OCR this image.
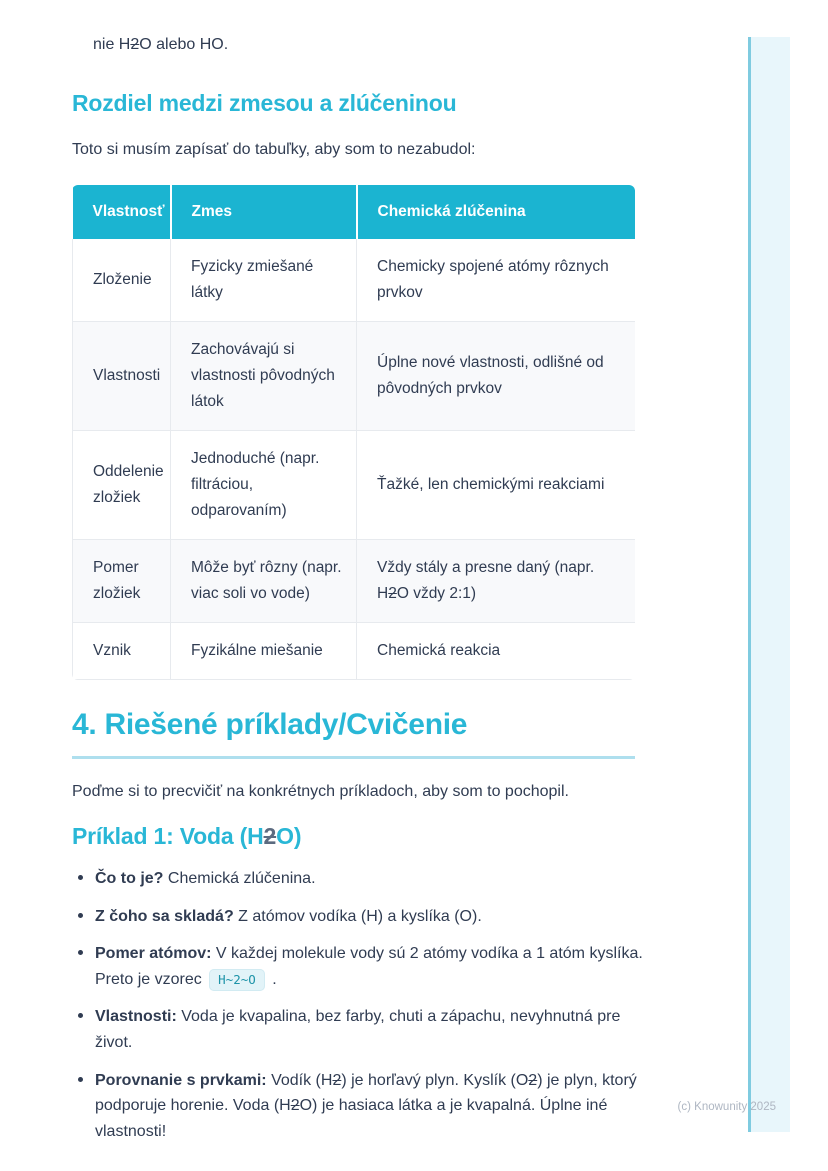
nie H2O alebo HO.

Rozdiel medzi zmesou a zlúčeninou

Toto si musím zapísať do tabuľky, aby som to nezabudol:

Vlastnosť	Zmes	Chemická zlúčenina
Zloženie	Fyzicky zmiešané látky	Chemicky spojené atómy rôznych prvkov
Vlastnosti	Zachovávajú si vlastnosti pôvodných látok	Úplne nové vlastnosti, odlišné od pôvodných prvkov
Oddelenie zložiek	Jednoduché (napr. filtráciou, odparovaním)	Ťažké, len chemickými reakciami
Pomer zložiek	Môže byť rôzny (napr. viac soli vo vode)	Vždy stály a presne daný (napr. H2O vždy 2:1)
Vznik	Fyzikálne miešanie	Chemická reakcia
4. Riešené príklady/Cvičenie

Poďme si to precvičiť na konkrétnych príkladoch, aby som to pochopil.

Príklad 1: Voda (H2O)
Čo to je? Chemická zlúčenina.
Z čoho sa skladá? Z atómov vodíka (H) a kyslíka (O).
Pomer atómov: V každej molekule vody sú 2 atómy vodíka a 1 atóm kyslíka. Preto je vzorec H~2~O .
Vlastnosti: Voda je kvapalina, bez farby, chuti a zápachu, nevyhnutná pre život.
Porovnanie s prvkami: Vodík (H2) je horľavý plyn. Kyslík (O2) je plyn, ktorý podporuje horenie. Voda (H2O) je hasiaca látka a je kvapalná. Úplne iné vlastnosti!
(c) Knowunity 2025
